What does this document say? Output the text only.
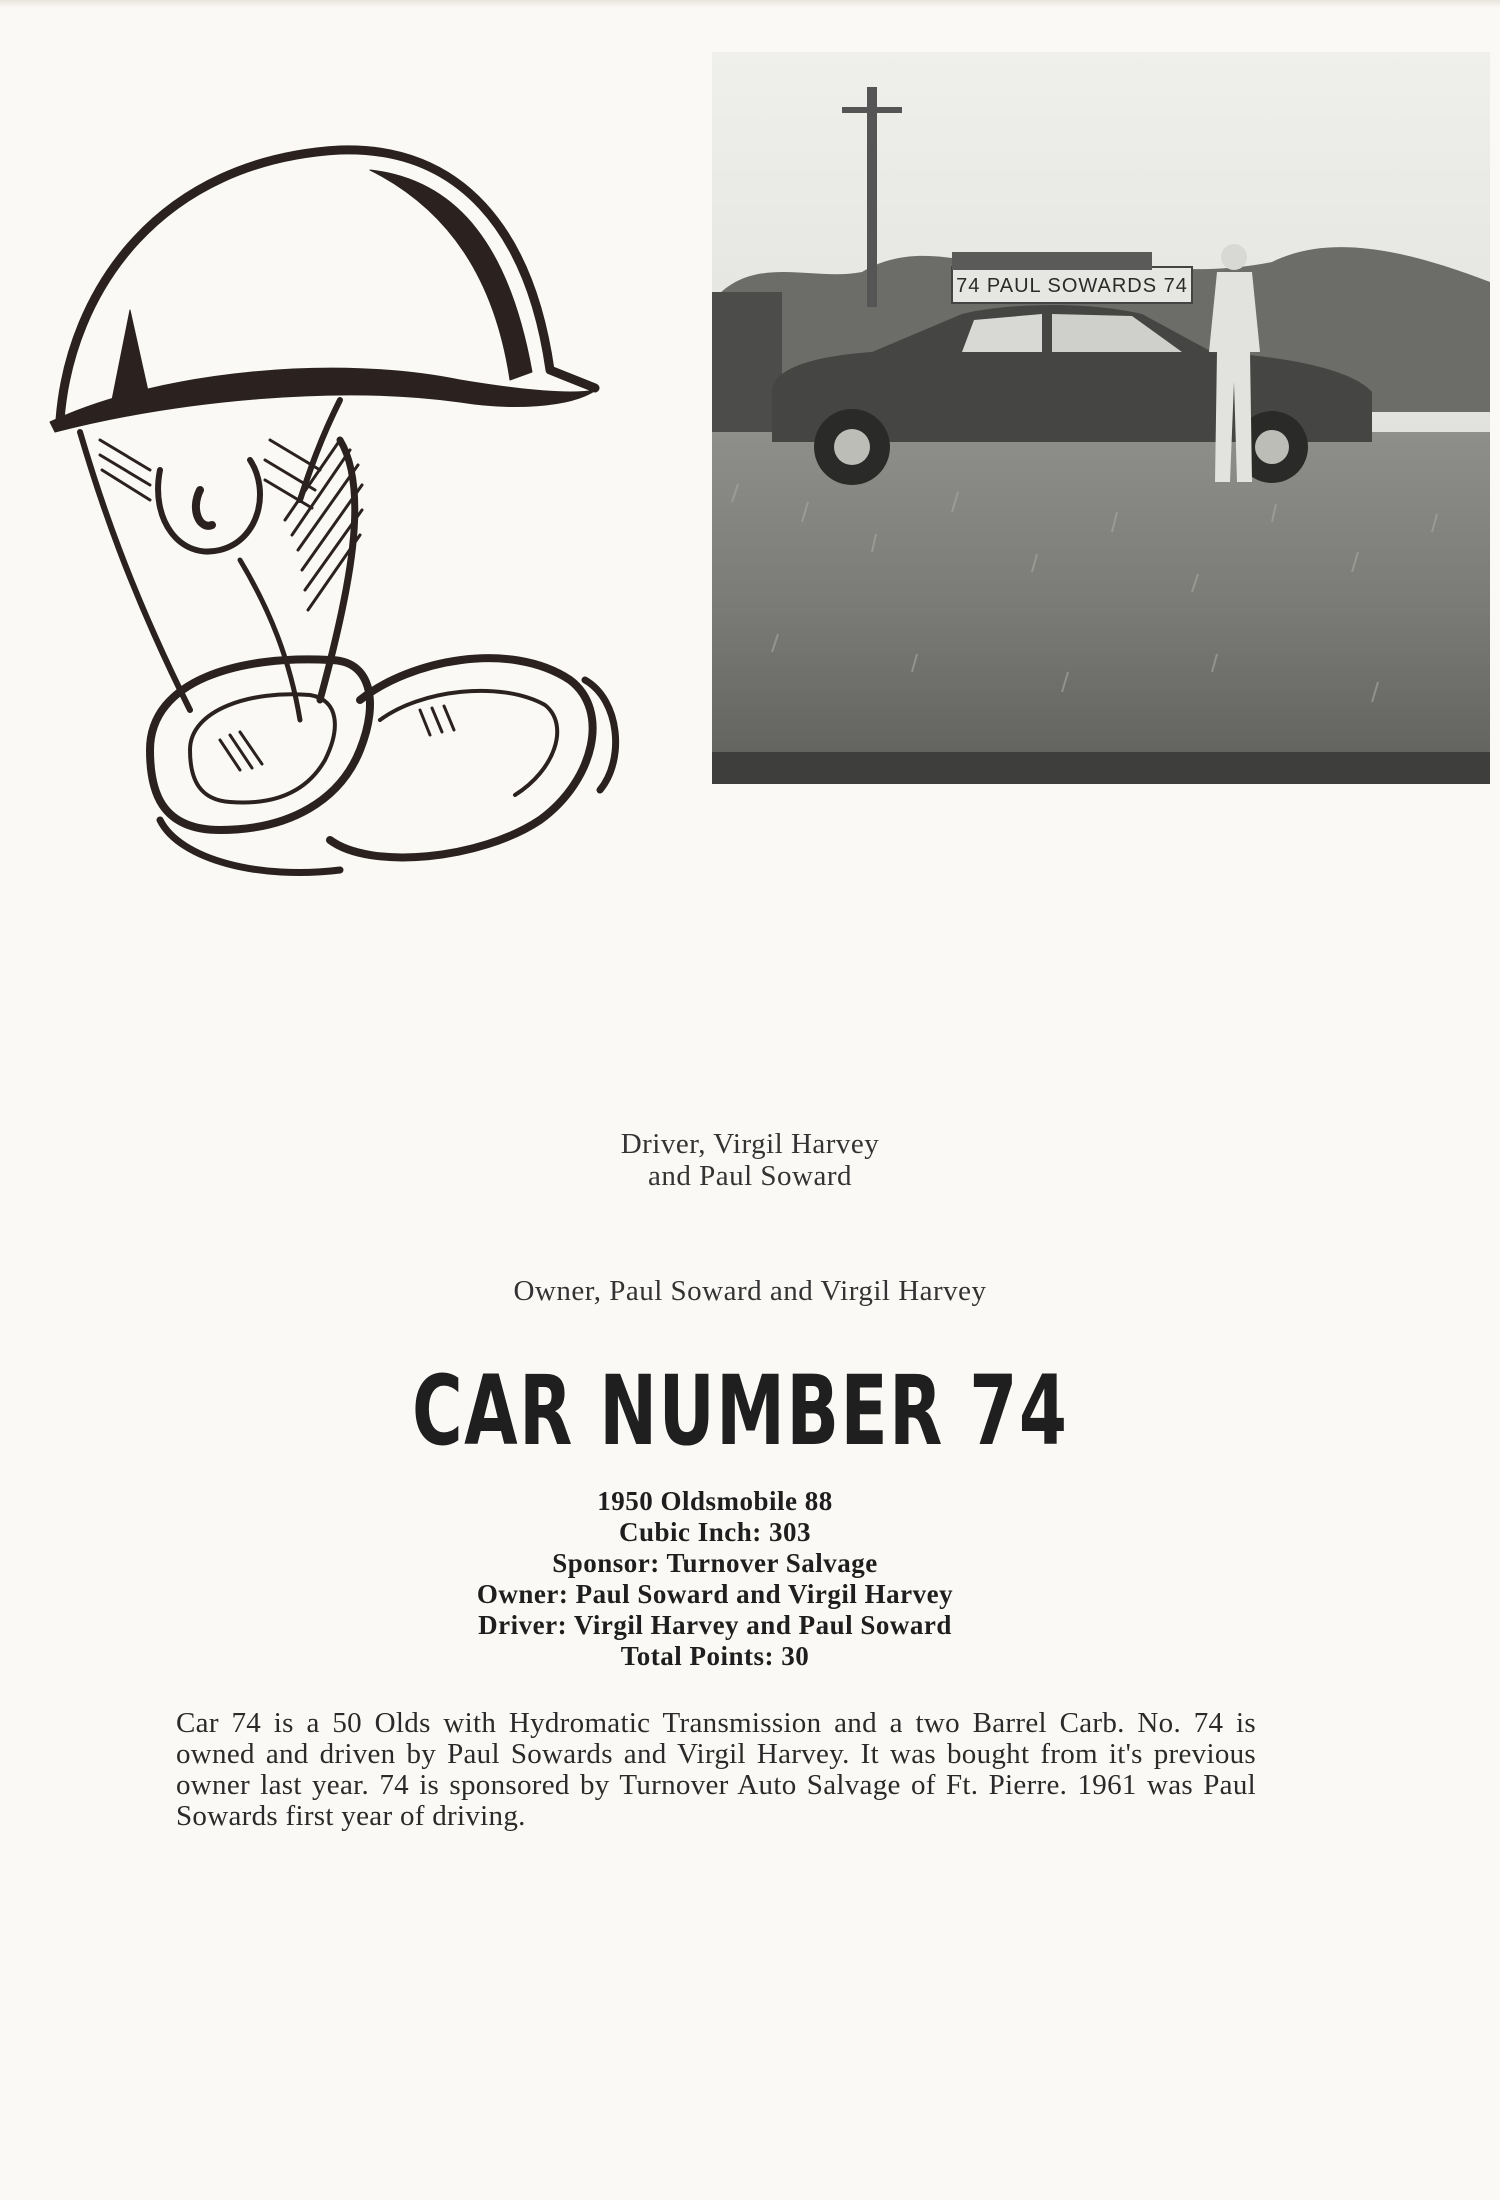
74 PAUL SOWARDS 74
Driver, Virgil Harvey
and Paul Soward
Owner, Paul Soward and Virgil Harvey
CAR NUMBER 74
1950 Oldsmobile 88
Cubic Inch: 303
Sponsor: Turnover Salvage
Owner: Paul Soward and Virgil Harvey
Driver: Virgil Harvey and Paul Soward
Total Points: 30
Car 74 is a 50 Olds with Hydromatic Transmission and a two Barrel Carb. No. 74 is owned and driven by Paul Sowards and Virgil Harvey. It was bought from it's previous owner last year. 74 is sponsored by Turnover Auto Salvage of Ft. Pierre. 1961 was Paul Sowards first year of driving.
